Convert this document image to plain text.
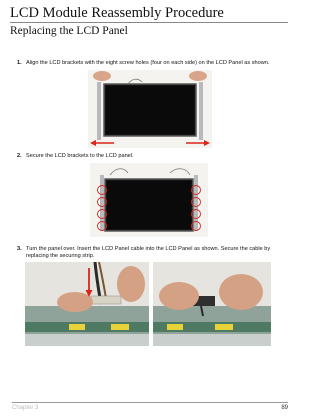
LCD Module Reassembly Procedure
Replacing the LCD Panel
1. Align the LCD brackets with the eight screw holes (four on each side) on the LCD Panel as shown.
2. Secure the LCD brackets to the LCD panel.
3. Turn the panel over. Insert the LCD Panel cable into the LCD Panel as shown. Secure the cable by replacing the securing strip.
Chapter 3	89
